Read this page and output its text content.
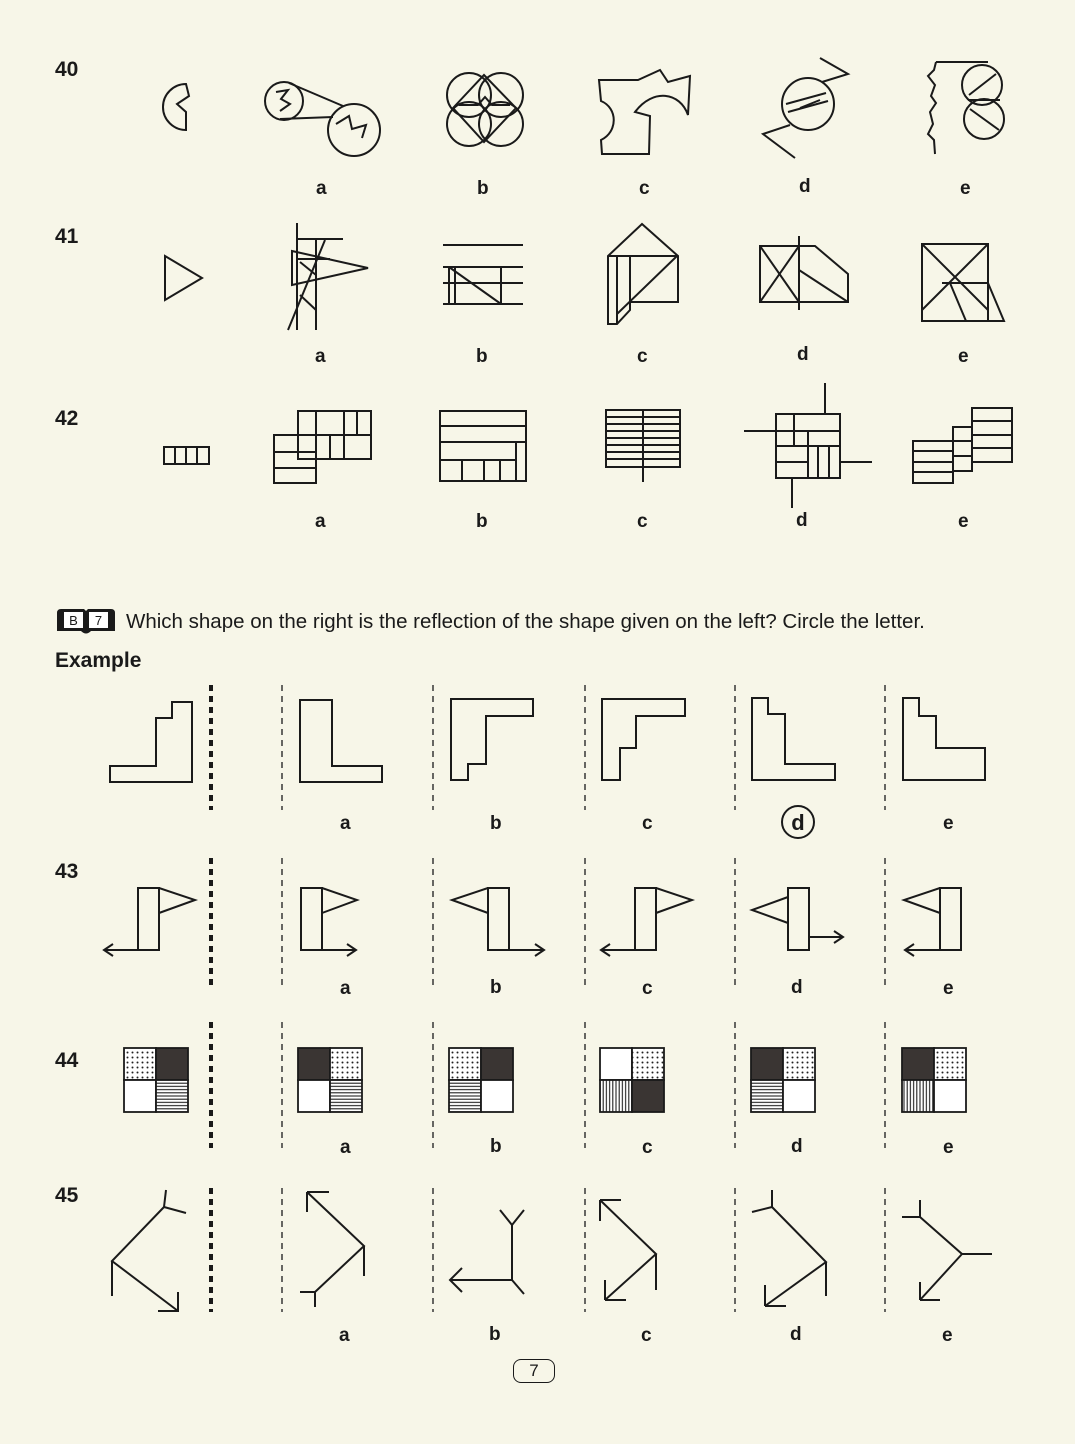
40
a	b	c	d	e
41
a	b	c	d	e
42
a	b	c	d	e
B 7 Which shape on the right is the reflection of the shape given on the left? Circle the letter.
Example
a	b	c	d	e
43
a	b	c	d	e
44
a	b	c	d	e
45
a	b	c	d	e
7
